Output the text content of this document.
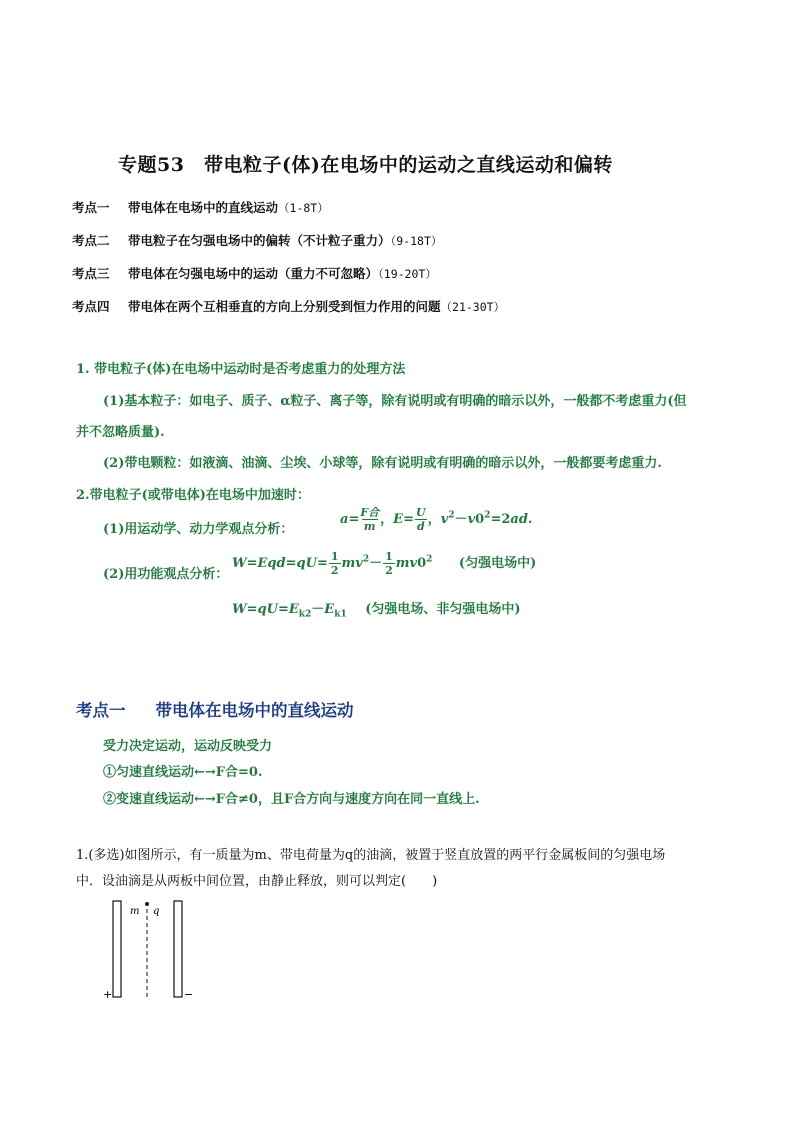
专题53　带电粒子(体)在电场中的运动之直线运动和偏转
考点一 带电体在电场中的直线运动（1-8T）
考点二 带电粒子在匀强电场中的偏转（不计粒子重力）（9-18T）
考点三 带电体在匀强电场中的运动（重力不可忽略）（19-20T）
考点四 带电体在两个互相垂直的方向上分别受到恒力作用的问题（21-30T）
1. 带电粒子(体)在电场中运动时是否考虑重力的处理方法
(1)基本粒子：如电子、质子、α粒子、离子等，除有说明或有明确的暗示以外，一般都不考虑重力(但
并不忽略质量).
(2)带电颗粒：如液滴、油滴、尘埃、小球等，除有说明或有明确的暗示以外，一般都要考虑重力.
2.带电粒子(或带电体)在电场中加速时：
(1)用运动学、动力学观点分析：
$a= \frac{\text{F合}}{m}$ ，$E= \frac{U}{d}$ ，$v^2-v0^2=2ad$.
(2)用功能观点分析：
$W=Eqd=qU= \frac{1}{2} mv^2- \frac{1}{2} mv0^2$ (匀强电场中)
$W=qU=E_{k2}-E_{k1}$ (匀强电场、非匀强电场中)
考点一 带电体在电场中的直线运动
受力决定运动，运动反映受力
①匀速直线运动←→F合=0.
②变速直线运动←→F合≠0，且F合方向与速度方向在同一直线上.
1.(多选)如图所示，有一质量为m、带电荷量为q的油滴，被置于竖直放置的两平行金属板间的匀强电场
中．设油滴是从两板中间位置，由静止释放，则可以判定(　　)
m q
+	−
